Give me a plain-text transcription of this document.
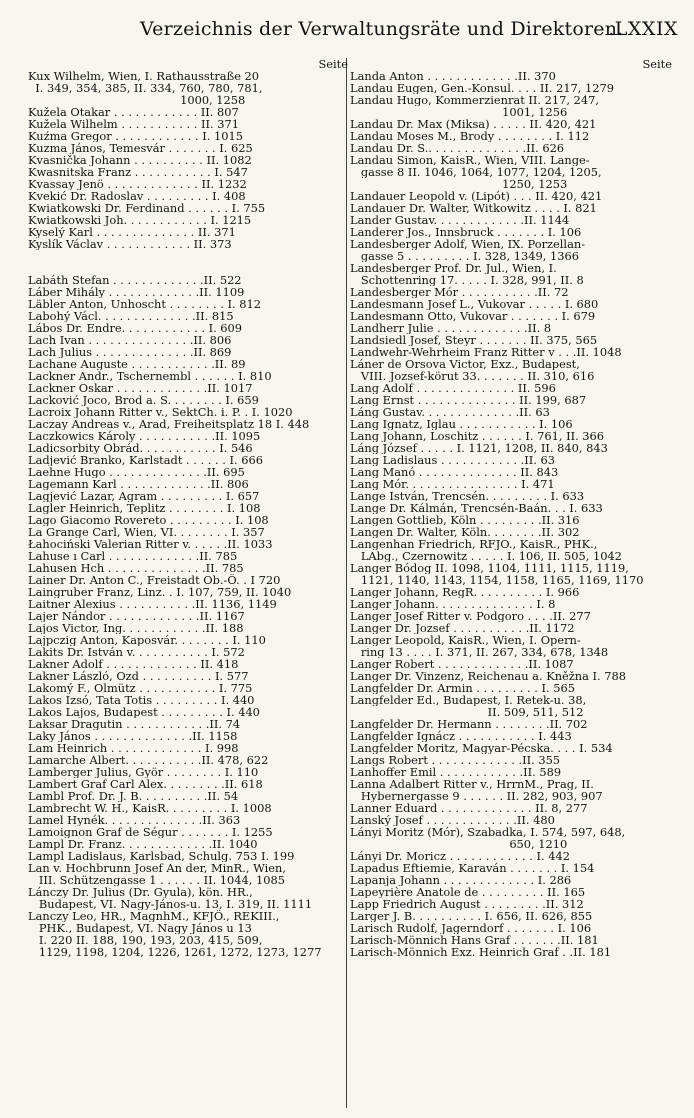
Verzeichnis der Verwaltungsräte und Direktoren.
.LXXIX
Seite
Kux Wilhelm, Wien, I. Rathausstraße 20
I. 349, 354, 385, II. 334, 760, 780, 781,
1000, 1258
Kužela Otakar . . . . . . . . . . . . II. 807
Kužela Wilhelm . . . . . . . . . . . II. 371
Kuźma Gregor . . . . . . . . . . . . I. 1015
Kuzma János, Temesvár . . . . . . . I. 625
Kvasnička Johann . . . . . . . . . . II. 1082
Kwasnitska Franz . . . . . . . . . . . I. 547
Kvassay Jenö . . . . . . . . . . . . . II. 1232
Kvekić Dr. Radoslav . . . . . . . . . I. 408
Kwiatkowski Dr. Ferdinand . . . . . . I. 755
Kwiatkowski Joh. . . . . . . . . . . . I. 1215
Kyselý Karl . . . . . . . . . . . . . . II. 371
Kyslík Václav . . . . . . . . . . . . II. 373
Labáth Stefan . . . . . . . . . . . . .II. 522
Láber Mihály . . . . . . . . . . . . .II. 1109
Läbler Anton, Unhoscht . . . . . . . . I. 812
Labohý Václ. . . . . . . . . . . . . .II. 815
Lábos Dr. Endre. . . . . . . . . . . . I. 609
Lach Ivan . . . . . . . . . . . . . . .II. 806
Lach Julius . . . . . . . . . . . . . .II. 869
Lachane Auguste . . . . . . . . . . . .II. 89
Lackner Andr., Tschernembl . . . . . . I. 810
Lackner Oskar . . . . . . . . . . . . .II. 1017
Lacković Joco, Brod a. S. . . . . . . . I. 659
Lacroix Johann Ritter v., SektCh. i. P. . I. 1020
Laczay Andreas v., Arad, Freiheitsplatz 18 I. 448
Laczkowics Károly . . . . . . . . . . .II. 1095
Ladicsorbity Obrád. . . . . . . . . . . I. 546
Ladjević Branko, Karlstadt . . . . . . I. 666
Laehne Hugo . . . . . . . . . . . . . .II. 695
Lagemann Karl . . . . . . . . . . . . .II. 806
Lagjević Lazar, Agram . . . . . . . . . I. 657
Lagler Heinrich, Teplitz . . . . . . . . I. 108
Lago Giacomo Rovereto . . . . . . . . . I. 108
La Grange Carl, Wien, VI. . . . . . . . I. 357
Łahociński Valerian Ritter v. . . . . .II. 1033
Lahuse ı Carl . . . . . . . . . . . . .II. 785
Lahusen Hch . . . . . . . . . . . . . .II. 785
Lainer Dr. Anton C., Freistadt Ob.-Ö. . I 720
Laingruber Franz, Linz. . I. 107, 759, II. 1040
Laitner Alexius . . . . . . . . . . .II. 1136, 1149
Lajer Nándor . . . . . . . . . . . . .II. 1167
Lajos Victor, Ing. . . . . . . . . . . .II. 188
Lajpczig Anton, Kaposvár. . . . . . . . I. 110
Lakits Dr. István v. . . . . . . . . . . I. 572
Lakner Adolf . . . . . . . . . . . . . II. 418
Lakner László, Ozd . . . . . . . . . . I. 577
Lakomý F., Olmütz . . . . . . . . . . . I. 775
Lakos Izsó, Tata Totis . . . . . . . . . I. 440
Lakos Lajos, Budapest . . . . . . . . . I. 440
Laksar Dragutin . . . . . . . . . . . .II. 74
Laky János . . . . . . . . . . . . . .II. 1158
Lam Heinrich . . . . . . . . . . . . . I. 998
Lamarche Albert. . . . . . . . . . .II. 478, 622
Lamberger Julius, Györ . . . . . . . . I. 110
Lambert Graf Carl Alex. . . . . . . . .II. 618
Lambl Prof. Dr. J. B. . . . . . . . . .II. 54
Lambrecht W. H., KaisR. . . . . . . . . I. 1008
Lamel Hynék. . . . . . . . . . . . . .II. 363
Lamoignon Graf de Ségur . . . . . . . I. 1255
Lampl Dr. Franz. . . . . . . . . . . . .II. 1040
Lampl Ladislaus, Karlsbad, Schulg. 753 I. 199
Lan v. Hochbrunn Josef An der, MinR., Wien,
III. Schützengasse 1 . . . . . . II. 1044, 1085
Lánczy Dr. Julius (Dr. Gyula), kön. HR.,
Budapest, VI. Nagy-János-u. 13, I. 319, II. 1111
Lanczy Leo, HR., MagnhM., KFJÖ., REKIII.,
PHK., Budapest, VI. Nagy János u 13
I. 220 II. 188, 190, 193, 203, 415, 509,
1129, 1198, 1204, 1226, 1261, 1272, 1273, 1277
Seite
Landa Anton . . . . . . . . . . . . .II. 370
Landau Eugen, Gen.-Konsul. . . . II. 217, 1279
Landau Hugo, Kommerzienrat II. 217, 247,
1001, 1256
Landau Dr. Max (Miksa) . . . . . II. 420, 421
Landau Moses M., Brody . . . . . . . . I. 112
Landau Dr. S.. . . . . . . . . . . . . .II. 626
Landau Simon, KaisR., Wien, VIII. Lange-
gasse 8 II. 1046, 1064, 1077, 1204, 1205,
1250, 1253
Landauer Leopold v. (Lipót) . . . II. 420, 421
Landauer Dr. Walter, Witkowitz . . . . I. 821
Lander Gustav. . . . . . . . . . . . .II. 1144
Landerer Jos., Innsbruck . . . . . . . I. 106
Landesberger Adolf, Wien, IX. Porzellan-
gasse 5 . . . . . . . . . I. 328, 1349, 1366
Landesberger Prof. Dr. Jul., Wien, I.
Schottenring 17. . . . . I. 328, 991, II. 8
Landesberger Mór . . . . . . . . . . .II. 72
Landesmann Josef L., Vukovar . . . . . I. 680
Landesmann Otto, Vukovar . . . . . . . I. 679
Landherr Julie . . . . . . . . . . . . .II. 8
Landsiedl Josef, Steyr . . . . . . . II. 375, 565
Landwehr-Wehrheim Franz Ritter v . . .II. 1048
Láner de Orsova Victor, Exz., Budapest,
VIII. Jozsef-körut 33. . . . . . . II. 310, 616
Lang Adolf . . . . . . . . . . . . . . II. 596
Lang Ernst . . . . . . . . . . . . . . II. 199, 687
Láng Gustav. . . . . . . . . . . . . .II. 63
Lang Ignatz, Iglau . . . . . . . . . . . I. 106
Lang Johann, Loschitz . . . . . . I. 761, II. 366
Láng József . . . . . I. 1121, 1208, II. 840, 843
Lang Ladislaus . . . . . . . . . . . .II. 63
Lang Manó . . . . . . . . . . . . . . II. 843
Lang Mór. . . . . . . . . . . . . . . . I. 471
Lange István, Trencsén. . . . . . . . . I. 633
Lange Dr. Kálmán, Trencsén-Baán. . . I. 633
Langen Gottlieb, Köln . . . . . . . . .II. 316
Langen Dr. Walter, Köln. . . . . . . .II. 302
Langenhan Friedrich, RFJO., KaisR., PHK.,
LAbg., Czernowitz . . . . . I. 106, II. 505, 1042
Langer Bódog II. 1098, 1104, 1111, 1115, 1119,
1121, 1140, 1143, 1154, 1158, 1165, 1169, 1170
Langer Johann, RegR. . . . . . . . . . I. 966
Langer Johann. . . . . . . . . . . . . . I. 8
Langer Josef Ritter v. Podgoro . . . .II. 277
Langer Dr. Jozsef . . . . . . . . . . .II. 1172
Langer Leopold, KaisR., Wien, I. Opern-
ring 13 . . . . I. 371, II. 267, 334, 678, 1348
Langer Robert . . . . . . . . . . . . .II. 1087
Langer Dr. Vinzenz, Reichenau a. Kněžna I. 788
Langfelder Dr. Armin . . . . . . . . . I. 565
Langfelder Ed., Budapest, I. Retek-u. 38,
II. 509, 511, 512
Langfelder Dr. Hermann . . . . . . . .II. 702
Langfelder Ignácz . . . . . . . . . . . I. 443
Langfelder Moritz, Magyar-Pécska. . . . I. 534
Langs Robert . . . . . . . . . . . . .II. 355
Lanhoffer Emil . . . . . . . . . . . .II. 589
Lanna Adalbert Ritter v., HrrnM., Prag, II.
Hybernergasse 9 . . . . . . II. 282, 903, 907
Lanner Eduard . . . . . . . . . . . . . II. 8, 277
Lanský Josef . . . . . . . . . . . . .II. 480
Lányi Moritz (Mór), Szabadka, I. 574, 597, 648,
650, 1210
Lányi Dr. Moricz . . . . . . . . . . . . I. 442
Lapadus Eftiemie, Karaván . . . . . . . I. 154
Lapanja Johann . . . . . . . . . . . . . I. 286
Lapeyrière Anatole de . . . . . . . . . II. 165
Lapp Friedrich August . . . . . . . . .II. 312
Larger J. B. . . . . . . . . . I. 656, II. 626, 855
Larisch Rudolf, Jagerndorf . . . . . . . I. 106
Larisch-Mönnich Hans Graf . . . . . . .II. 181
Larisch-Mönnich Exz. Heinrich Graf . .II. 181
